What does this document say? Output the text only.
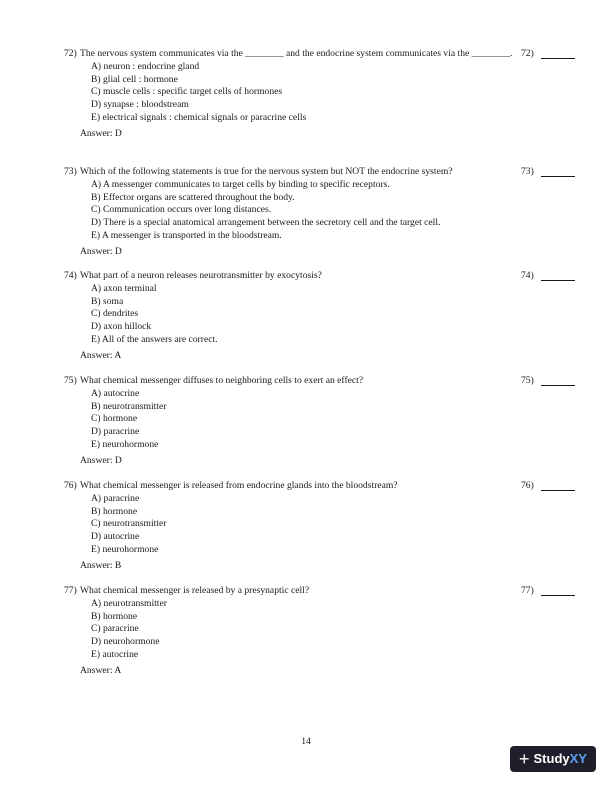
72) The nervous system communicates via the ________ and the endocrine system communicates via the ________.
A) neuron : endocrine gland
B) glial cell : hormone
C) muscle cells : specific target cells of hormones
D) synapse : bloodstream
E) electrical signals : chemical signals or paracrine cells
Answer: D
72)
73) Which of the following statements is true for the nervous system but NOT the endocrine system?
A) A messenger communicates to target cells by binding to specific receptors.
B) Effector organs are scattered throughout the body.
C) Communication occurs over long distances.
D) There is a special anatomical arrangement between the secretory cell and the target cell.
E) A messenger is transported in the bloodstream.
Answer: D
73)
74) What part of a neuron releases neurotransmitter by exocytosis?
A) axon terminal
B) soma
C) dendrites
D) axon hillock
E) All of the answers are correct.
Answer: A
74)
75) What chemical messenger diffuses to neighboring cells to exert an effect?
A) autocrine
B) neurotransmitter
C) hormone
D) paracrine
E) neurohormone
Answer: D
75)
76) What chemical messenger is released from endocrine glands into the bloodstream?
A) paracrine
B) hormone
C) neurotransmitter
D) autocrine
E) neurohormone
Answer: B
76)
77) What chemical messenger is released by a presynaptic cell?
A) neurotransmitter
B) hormone
C) paracrine
D) neurohormone
E) autocrine
Answer: A
77)
14
+ Study XY
